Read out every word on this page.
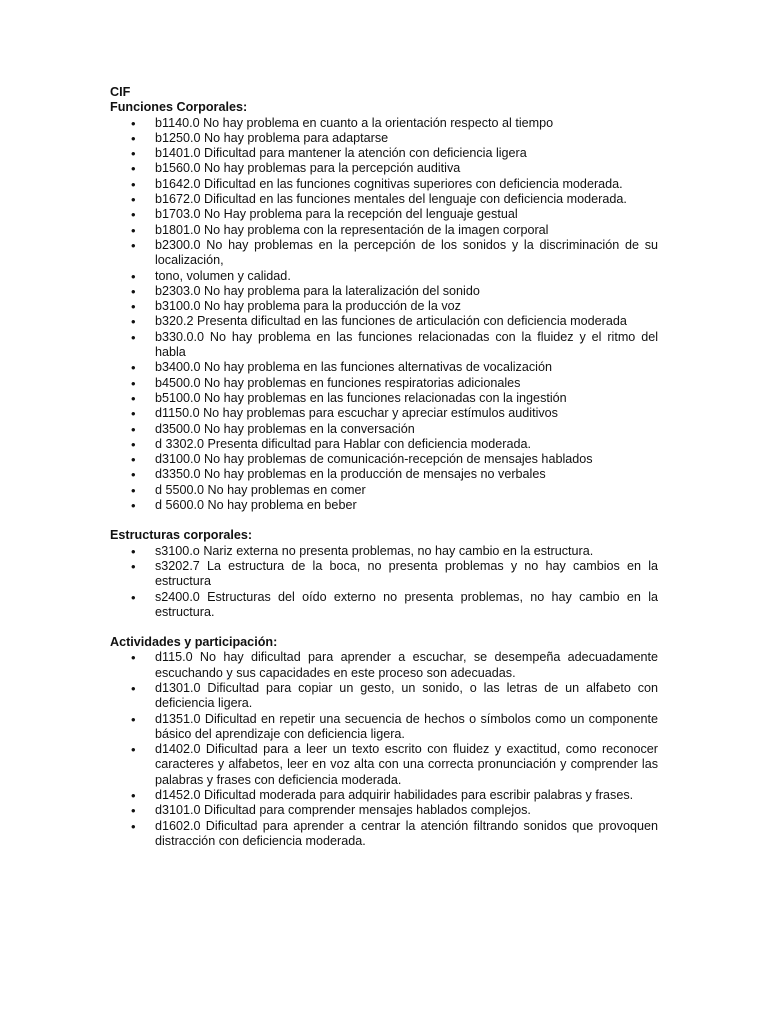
CIF
Funciones Corporales:
• b1140.0 No hay problema en cuanto a la orientación respecto al tiempo
• b1250.0 No hay problema para adaptarse
• b1401.0 Dificultad para mantener la atención con deficiencia ligera
• b1560.0 No hay problemas para la percepción auditiva
• b1642.0 Dificultad en las funciones cognitivas superiores con deficiencia moderada.
• b1672.0 Dificultad en las funciones mentales del lenguaje con deficiencia moderada.
• b1703.0 No Hay problema para la recepción del lenguaje gestual
• b1801.0 No hay problema con la representación de la imagen corporal
• b2300.0 No hay problemas en la percepción de los sonidos y la discriminación de su localización,
• tono, volumen y calidad.
• b2303.0 No hay problema para la lateralización del sonido
• b3100.0 No hay problema para la producción de la voz
• b320.2 Presenta dificultad en las funciones de articulación con deficiencia moderada
• b330.0.0 No hay problema en las funciones relacionadas con la fluidez y el ritmo del habla
• b3400.0 No hay problema en las funciones alternativas de vocalización
• b4500.0 No hay problemas en funciones respiratorias adicionales
• b5100.0 No hay problemas en las funciones relacionadas con la ingestión
• d1150.0 No hay problemas para escuchar y apreciar estímulos auditivos
• d3500.0 No hay problemas en la conversación
• d 3302.0 Presenta dificultad para Hablar con deficiencia moderada.
• d3100.0 No hay problemas de comunicación-recepción de mensajes hablados
• d3350.0 No hay problemas en la producción de mensajes no verbales
• d 5500.0 No hay problemas en comer
• d 5600.0 No hay problema en beber
Estructuras corporales:
• s3100.o Nariz externa no presenta problemas, no hay cambio en la estructura.
• s3202.7 La estructura de la boca, no presenta problemas y no hay cambios en la estructura
• s2400.0 Estructuras del oído externo no presenta problemas, no hay cambio en la estructura.
Actividades y participación:
• d115.0 No hay dificultad para aprender a escuchar, se desempeña adecuadamente escuchando y sus capacidades en este proceso son adecuadas.
• d1301.0 Dificultad para copiar un gesto, un sonido, o las letras de un alfabeto con deficiencia ligera.
• d1351.0 Dificultad en repetir una secuencia de hechos o símbolos como un componente básico del aprendizaje con deficiencia ligera.
• d1402.0 Dificultad para a leer un texto escrito con fluidez y exactitud, como reconocer caracteres y alfabetos, leer en voz alta con una correcta pronunciación y comprender las palabras y frases con deficiencia moderada.
• d1452.0 Dificultad moderada para adquirir habilidades para escribir palabras y frases.
• d3101.0 Dificultad para comprender mensajes hablados complejos.
• d1602.0 Dificultad para aprender a centrar la atención filtrando sonidos que provoquen distracción con deficiencia moderada.
